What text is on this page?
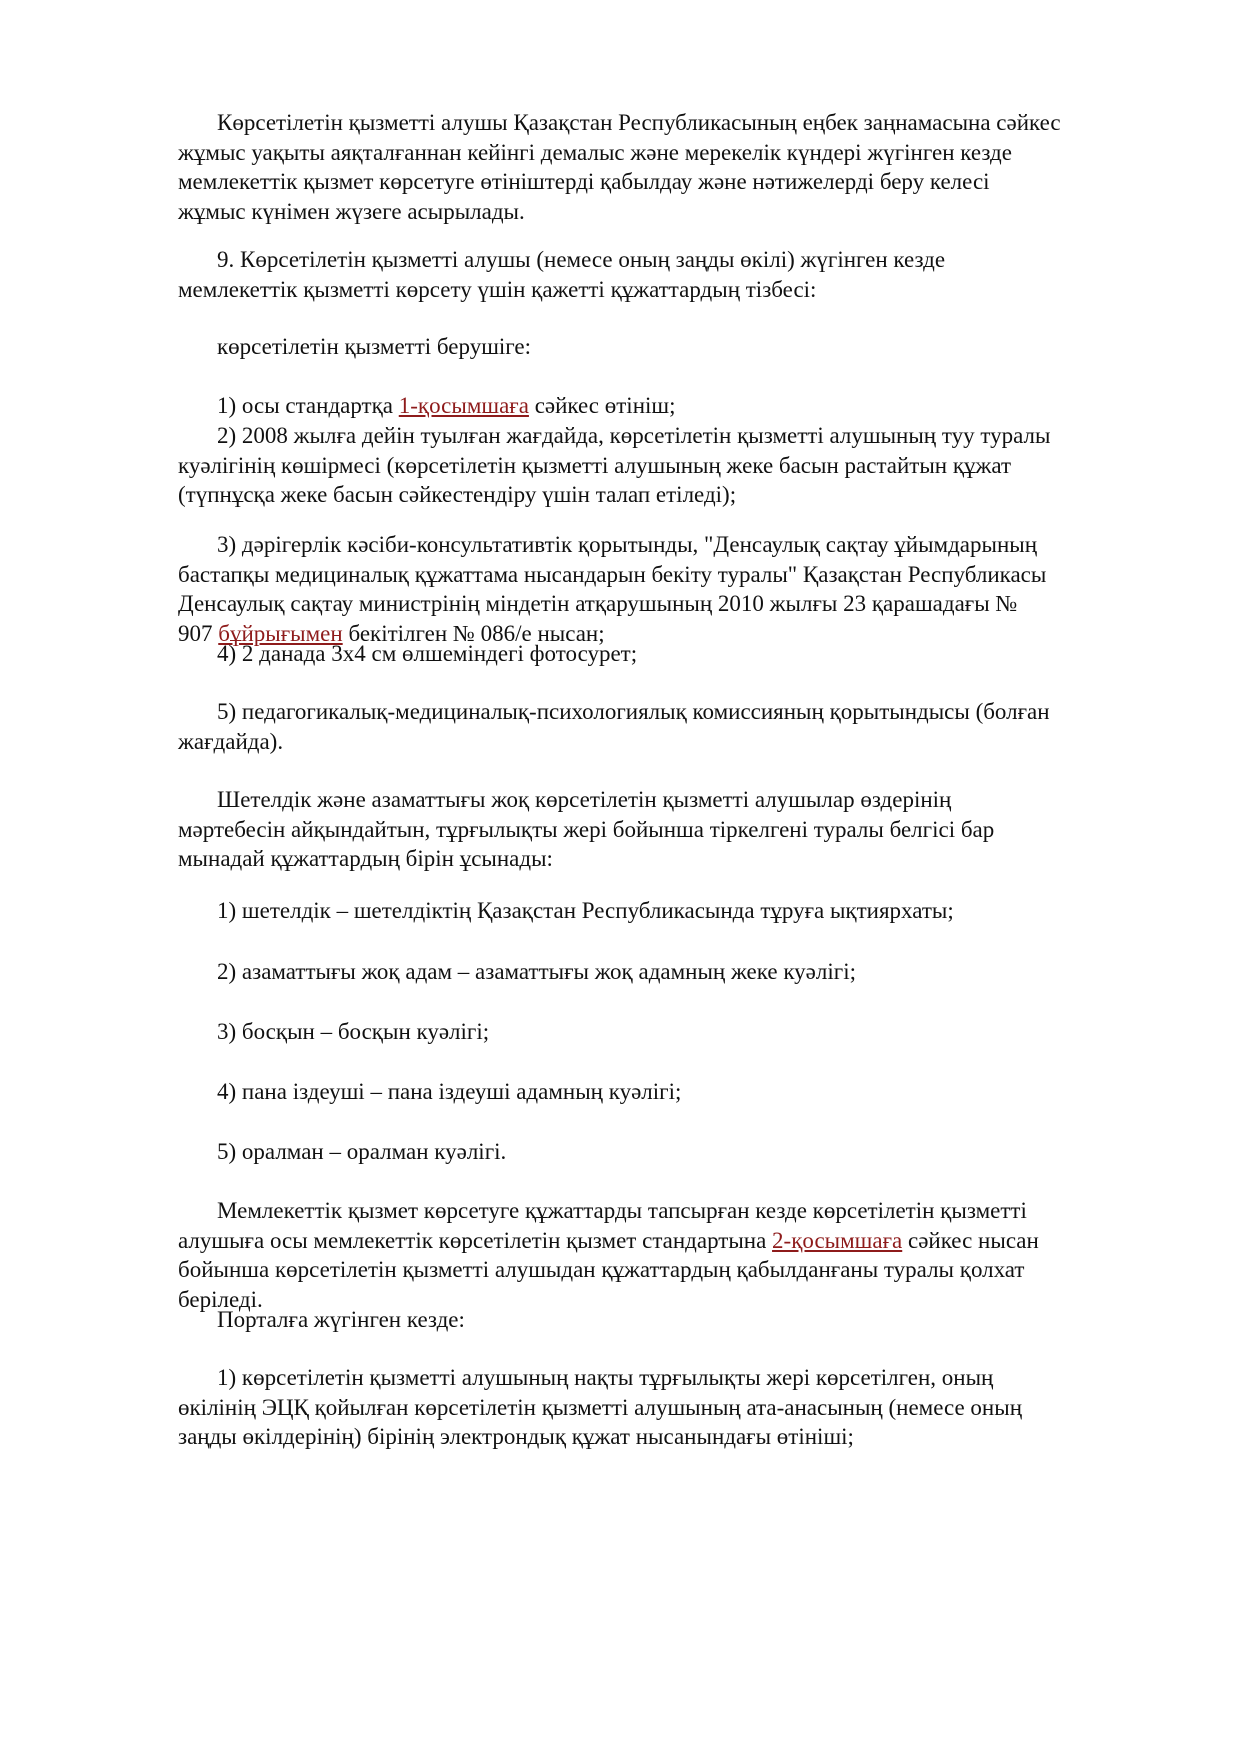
Көрсетілетін қызметті алушы Қазақстан Республикасының еңбек заңнамасына сәйкес
жұмыс уақыты аяқталғаннан кейінгі демалыс және мерекелік күндері жүгінген кезде
мемлекеттік қызмет көрсетуге өтініштерді қабылдау және нәтижелерді беру келесі
жұмыс күнімен жүзеге асырылады.

9. Көрсетілетін қызметті алушы (немесе оның заңды өкілі) жүгінген кезде
мемлекеттік қызметті көрсету үшін қажетті құжаттардың тізбесі:

көрсетілетін қызметті берушіге:

1) осы стандартқа 1-қосымшаға сәйкес өтініш;

2) 2008 жылға дейін туылған жағдайда, көрсетілетін қызметті алушының туу туралы
куәлігінің көшірмесі (көрсетілетін қызметті алушының жеке басын растайтын құжат
(түпнұсқа жеке басын сәйкестендіру үшін талап етіледі);

3) дәрігерлік кәсіби-консультативтік қорытынды, "Денсаулық сақтау ұйымдарының
бастапқы медициналық құжаттама нысандарын бекіту туралы" Қазақстан Республикасы
Денсаулық сақтау министрінің міндетін атқарушының 2010 жылғы 23 қарашадағы №
907 бұйрығымен бекітілген № 086/е нысан;

4) 2 данада 3x4 см өлшеміндегі фотосурет;

5) педагогикалық-медициналық-психологиялық комиссияның қорытындысы (болған
жағдайда).

Шетелдік және азаматтығы жоқ көрсетілетін қызметті алушылар өздерінің
мәртебесін айқындайтын, тұрғылықты жері бойынша тіркелгені туралы белгісі бар
мынадай құжаттардың бірін ұсынады:

1) шетелдік – шетелдіктің Қазақстан Республикасында тұруға ықтиярхаты;

2) азаматтығы жоқ адам – азаматтығы жоқ адамның жеке куәлігі;

3) босқын – босқын куәлігі;

4) пана іздеуші – пана іздеуші адамның куәлігі;

5) оралман – оралман куәлігі.

Мемлекеттік қызмет көрсетуге құжаттарды тапсырған кезде көрсетілетін қызметті
алушыға осы мемлекеттік көрсетілетін қызмет стандартына 2-қосымшаға сәйкес нысан
бойынша көрсетілетін қызметті алушыдан құжаттардың қабылданғаны туралы қолхат
беріледі.

Порталға жүгінген кезде:

1) көрсетілетін қызметті алушының нақты тұрғылықты жері көрсетілген, оның
өкілінің ЭЦҚ қойылған көрсетілетін қызметті алушының ата-анасының (немесе оның
заңды өкілдерінің) бірінің электрондық құжат нысанындағы өтініші;
